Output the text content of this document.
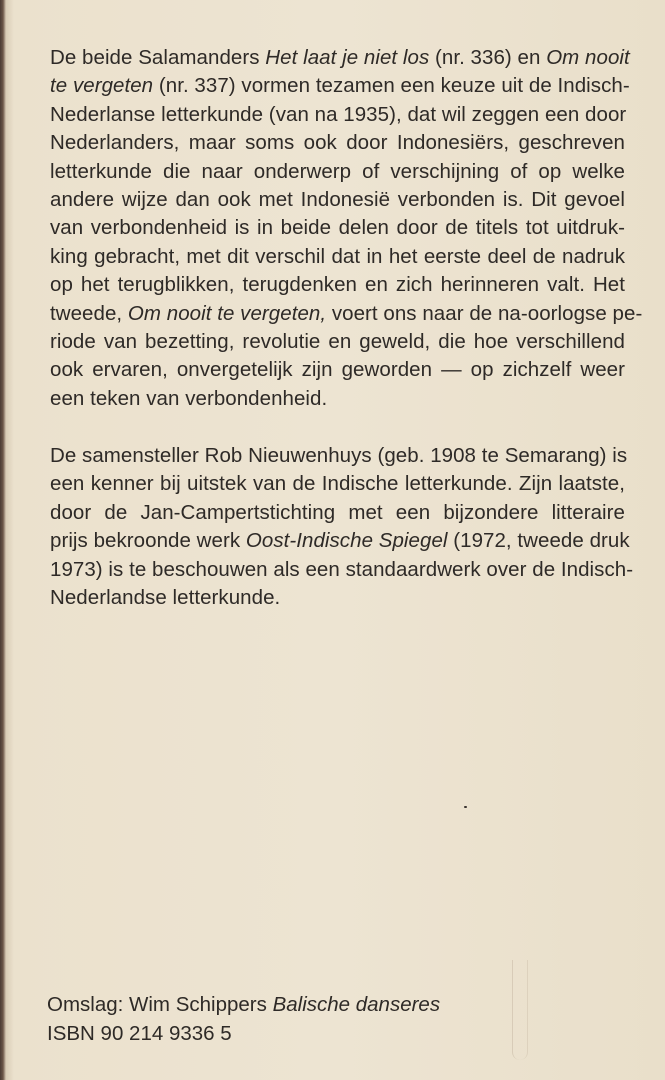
De beide Salamanders Het laat je niet los (nr. 336) en Om nooit
te vergeten (nr. 337) vormen tezamen een keuze uit de Indisch-
Nederlanse letterkunde (van na 1935), dat wil zeggen een door
Nederlanders, maar soms ook door Indonesiërs, geschreven
letterkunde die naar onderwerp of verschijning of op welke
andere wijze dan ook met Indonesië verbonden is. Dit gevoel
van verbondenheid is in beide delen door de titels tot uitdruk-
king gebracht, met dit verschil dat in het eerste deel de nadruk
op het terugblikken, terugdenken en zich herinneren valt. Het
tweede, Om nooit te vergeten, voert ons naar de na-oorlogse pe-
riode van bezetting, revolutie en geweld, die hoe verschillend
ook ervaren, onvergetelijk zijn geworden — op zichzelf weer
een teken van verbondenheid.
De samensteller Rob Nieuwenhuys (geb. 1908 te Semarang) is
een kenner bij uitstek van de Indische letterkunde. Zijn laatste,
door de Jan-Campertstichting met een bijzondere litteraire
prijs bekroonde werk Oost-Indische Spiegel (1972, tweede druk
1973) is te beschouwen als een standaardwerk over de Indisch-
Nederlandse letterkunde.
Omslag: Wim Schippers Balische danseres
ISBN 90 214 9336 5
